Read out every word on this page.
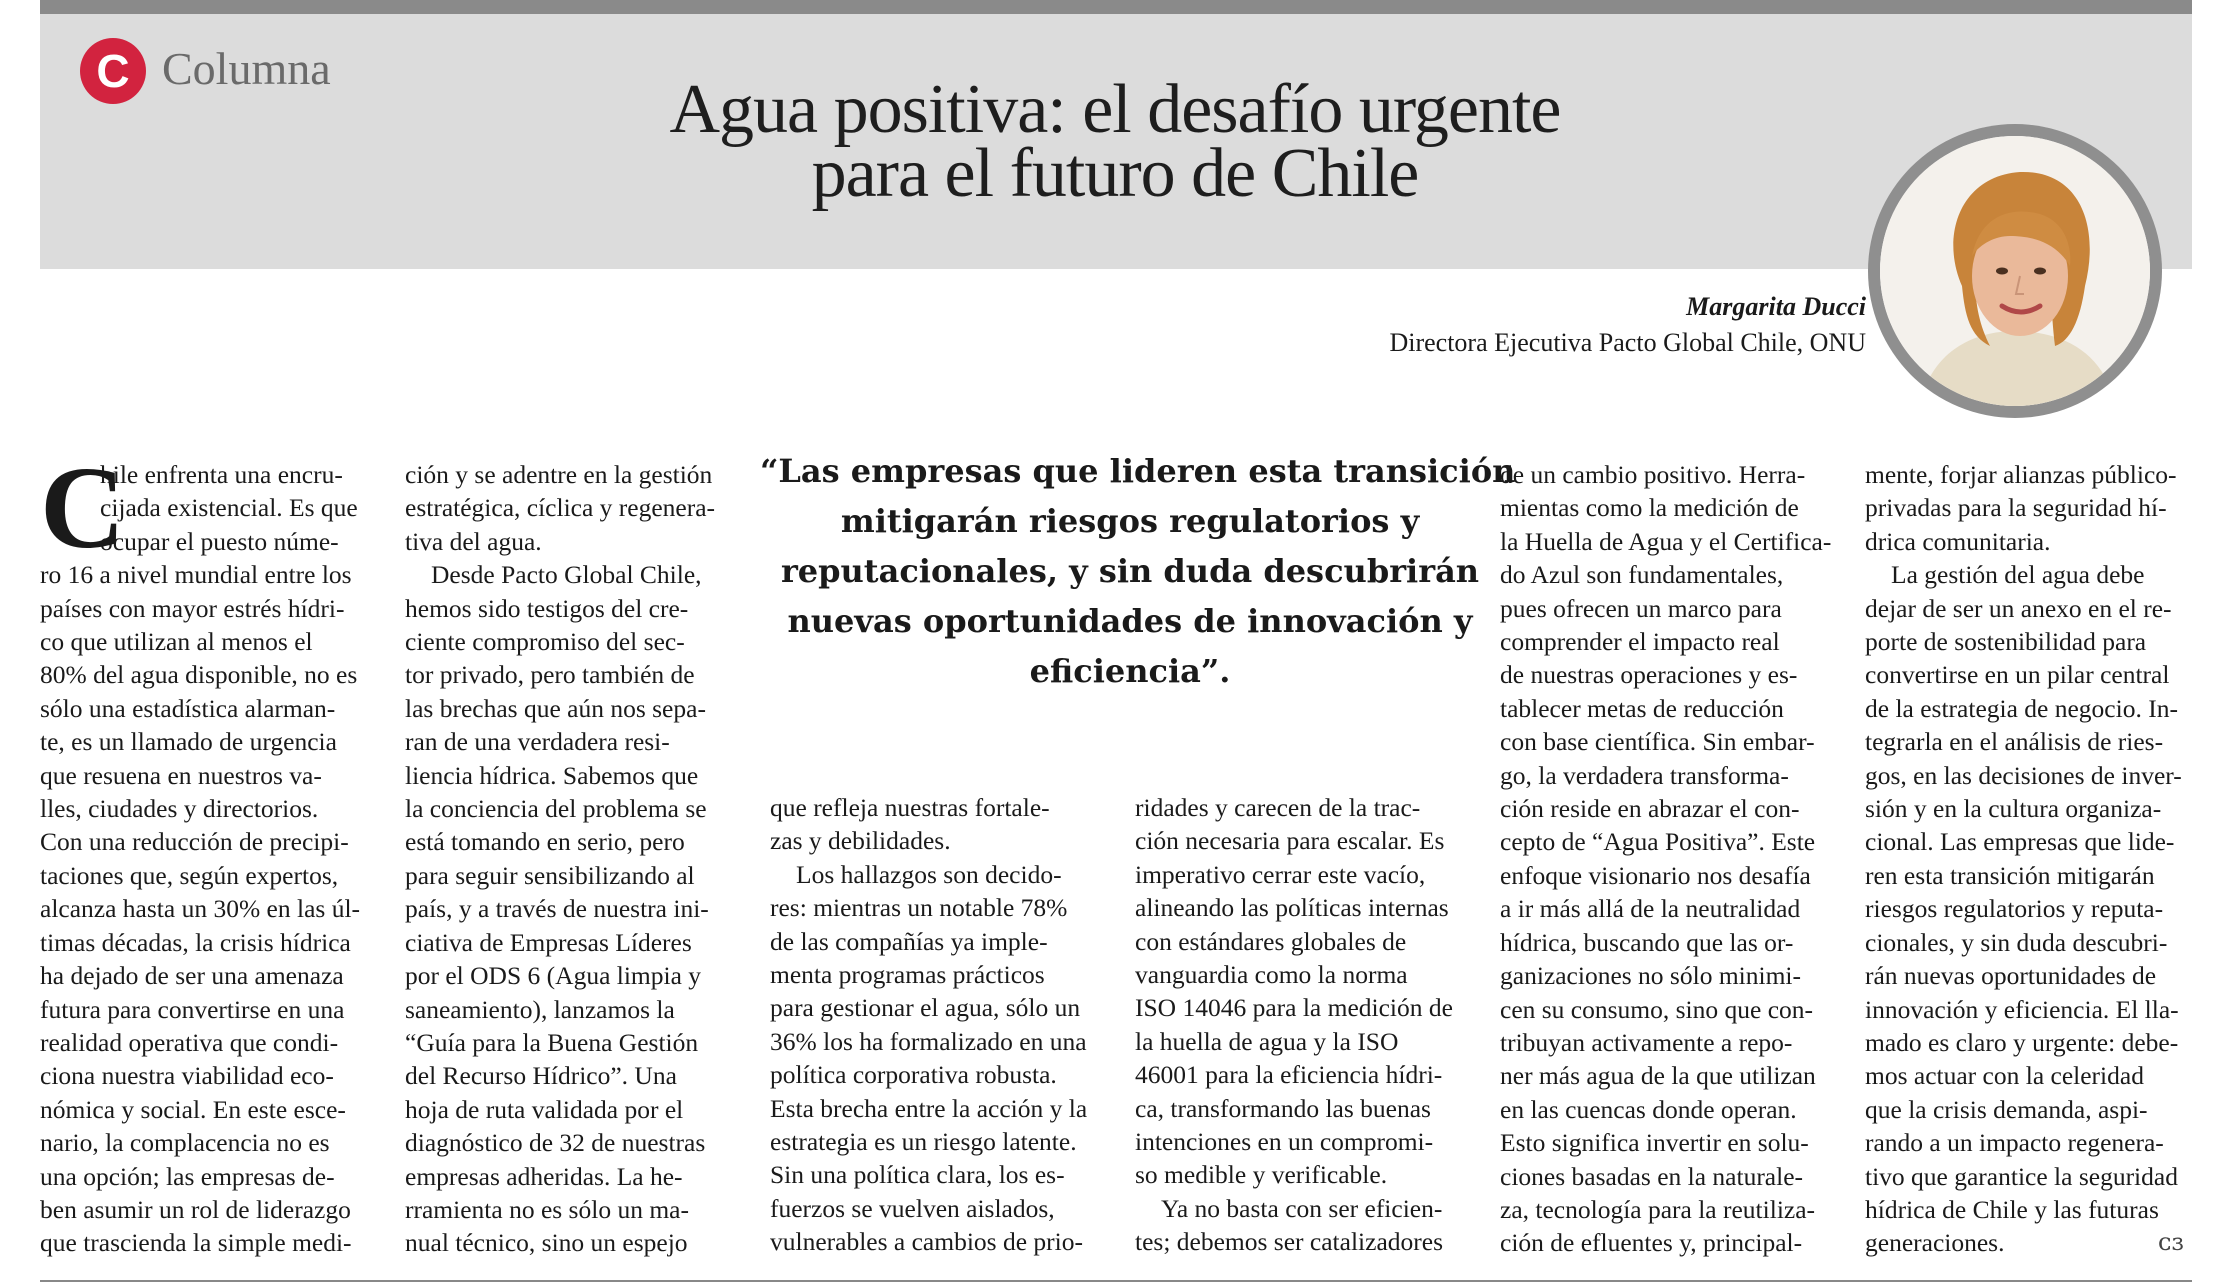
C Columna
Agua positiva: el desafío urgente
para el futuro de Chile
Margarita Ducci
Directora Ejecutiva Pacto Global Chile, ONU
C

hile enfrenta una encru-

cijada existencial. Es que

ocupar el puesto núme-

ro 16 a nivel mundial entre los

países con mayor estrés hídri-

co que utilizan al menos el

80% del agua disponible, no es

sólo una estadística alarman-

te, es un llamado de urgencia

que resuena en nuestros va-

lles, ciudades y directorios.

Con una reducción de precipi-

taciones que, según expertos,

alcanza hasta un 30% en las úl-

timas décadas, la crisis hídrica

ha dejado de ser una amenaza

futura para convertirse en una

realidad operativa que condi-

ciona nuestra viabilidad eco-

nómica y social. En este esce-

nario, la complacencia no es

una opción; las empresas de-

ben asumir un rol de liderazgo

que trascienda la simple medi-

ción y se adentre en la gestión

estratégica, cíclica y regenera-

tiva del agua.

Desde Pacto Global Chile,

hemos sido testigos del cre-

ciente compromiso del sec-

tor privado, pero también de

las brechas que aún nos sepa-

ran de una verdadera resi-

liencia hídrica. Sabemos que

la conciencia del problema se

está tomando en serio, pero

para seguir sensibilizando al

país, y a través de nuestra ini-

ciativa de Empresas Líderes

por el ODS 6 (Agua limpia y

saneamiento), lanzamos la

“Guía para la Buena Gestión

del Recurso Hídrico”. Una

hoja de ruta validada por el

diagnóstico de 32 de nuestras

empresas adheridas. La he-

rramienta no es sólo un ma-

nual técnico, sino un espejo

que refleja nuestras fortale-

zas y debilidades.

Los hallazgos son decido-

res: mientras un notable 78%

de las compañías ya imple-

menta programas prácticos

para gestionar el agua, sólo un

36% los ha formalizado en una

política corporativa robusta.

Esta brecha entre la acción y la

estrategia es un riesgo latente.

Sin una política clara, los es-

fuerzos se vuelven aislados,

vulnerables a cambios de prio-

ridades y carecen de la trac-

ción necesaria para escalar. Es

imperativo cerrar este vacío,

alineando las políticas internas

con estándares globales de

vanguardia como la norma

ISO 14046 para la medición de

la huella de agua y la ISO

46001 para la eficiencia hídri-

ca, transformando las buenas

intenciones en un compromi-

so medible y verificable.

Ya no basta con ser eficien-

tes; debemos ser catalizadores

de un cambio positivo. Herra-

mientas como la medición de

la Huella de Agua y el Certifica-

do Azul son fundamentales,

pues ofrecen un marco para

comprender el impacto real

de nuestras operaciones y es-

tablecer metas de reducción

con base científica. Sin embar-

go, la verdadera transforma-

ción reside en abrazar el con-

cepto de “Agua Positiva”. Este

enfoque visionario nos desafía

a ir más allá de la neutralidad

hídrica, buscando que las or-

ganizaciones no sólo minimi-

cen su consumo, sino que con-

tribuyan activamente a repo-

ner más agua de la que utilizan

en las cuencas donde operan.

Esto significa invertir en solu-

ciones basadas en la naturale-

za, tecnología para la reutiliza-

ción de efluentes y, principal-

mente, forjar alianzas público-

privadas para la seguridad hí-

drica comunitaria.

La gestión del agua debe

dejar de ser un anexo en el re-

porte de sostenibilidad para

convertirse en un pilar central

de la estrategia de negocio. In-

tegrarla en el análisis de ries-

gos, en las decisiones de inver-

sión y en la cultura organiza-

cional. Las empresas que lide-

ren esta transición mitigarán

riesgos regulatorios y reputa-

cionales, y sin duda descubri-

rán nuevas oportunidades de

innovación y eficiencia. El lla-

mado es claro y urgente: debe-

mos actuar con la celeridad

que la crisis demanda, aspi-

rando a un impacto regenera-

tivo que garantice la seguridad

hídrica de Chile y las futuras

generaciones.

“Las empresas que lideren esta transición
mitigarán riesgos regulatorios y
reputacionales, y sin duda descubrirán
nuevas oportunidades de innovación y
eficiencia”.
ᴄɜ
